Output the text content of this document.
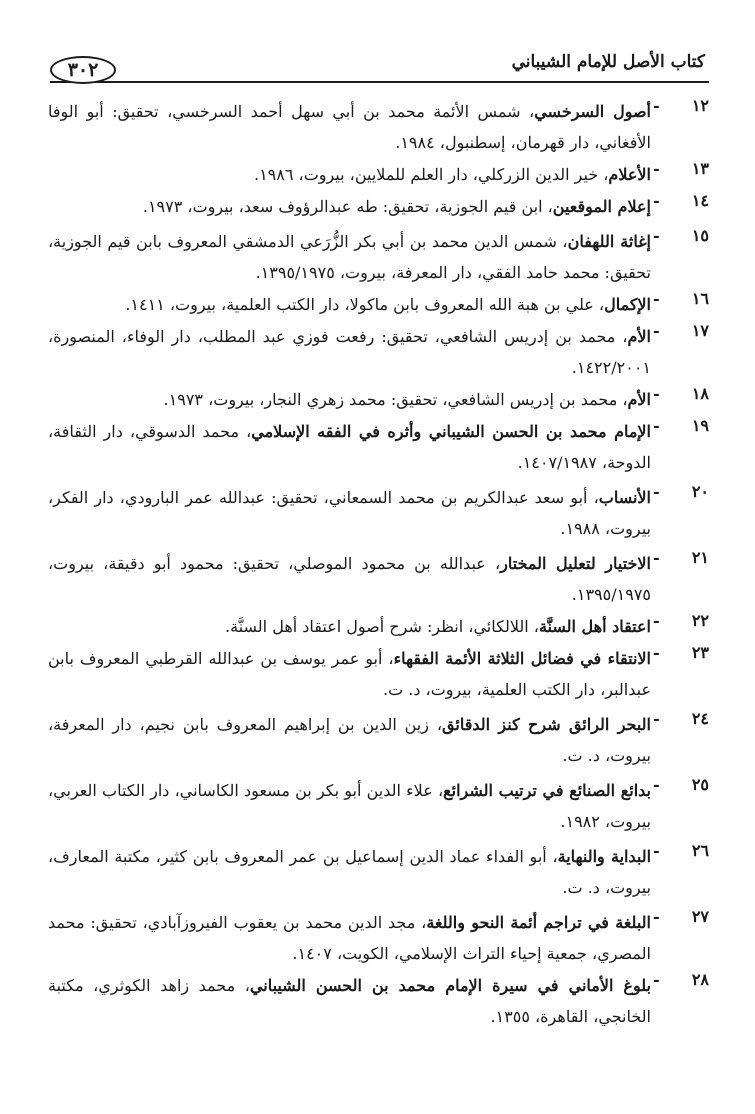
كتاب الأصل للإمام الشيباني
٣٠٢
١٢
-
أصول السرخسي، شمس الأئمة محمد بن أبي سهل أحمد السرخسي، تحقيق: أبو الوفا الأفغاني، دار قهرمان، إسطنبول، ١٩٨٤.
١٣
-
الأعلام، خير الدين الزركلي، دار العلم للملايين، بيروت، ١٩٨٦.
١٤
-
إعلام الموقعين، ابن قيم الجوزية، تحقيق: طه عبدالرؤوف سعد، بيروت، ١٩٧٣.
١٥
-
إغاثة اللهفان، شمس الدين محمد بن أبي بكر الزُّرَعي الدمشقي المعروف بابن قيم الجوزية، تحقيق: محمد حامد الفقي، دار المعرفة، بيروت، ١٣٩٥/١٩٧٥.
١٦
-
الإكمال، علي بن هبة الله المعروف بابن ماكولا، دار الكتب العلمية، بيروت، ١٤١١.
١٧
-
الأم، محمد بن إدريس الشافعي، تحقيق: رفعت فوزي عبد المطلب، دار الوفاء، المنصورة، ١٤٢٢/٢٠٠١.
١٨
-
الأم، محمد بن إدريس الشافعي، تحقيق: محمد زهري النجار، بيروت، ١٩٧٣.
١٩
-
الإمام محمد بن الحسن الشيباني وأثره في الفقه الإسلامي، محمد الدسوقي، دار الثقافة، الدوحة، ١٤٠٧/١٩٨٧.
٢٠
-
الأنساب، أبو سعد عبدالكريم بن محمد السمعاني، تحقيق: عبدالله عمر البارودي، دار الفكر، بيروت، ١٩٨٨.
٢١
-
الاختيار لتعليل المختار، عبدالله بن محمود الموصلي، تحقيق: محمود أبو دقيقة، بيروت، ١٣٩٥/١٩٧٥.
٢٢
-
اعتقاد أهل السنَّة، اللالكائي، انظر: شرح أصول اعتقاد أهل السنَّة.
٢٣
-
الانتقاء في فضائل الثلاثة الأئمة الفقهاء، أبو عمر يوسف بن عبدالله القرطبي المعروف بابن عبدالبر، دار الكتب العلمية، بيروت، د. ت.
٢٤
-
البحر الرائق شرح كنز الدقائق، زين الدين بن إبراهيم المعروف بابن نجيم، دار المعرفة، بيروت، د. ت.
٢٥
-
بدائع الصنائع في ترتيب الشرائع، علاء الدين أبو بكر بن مسعود الكاساني، دار الكتاب العربي، بيروت، ١٩٨٢.
٢٦
-
البداية والنهاية، أبو الفداء عماد الدين إسماعيل بن عمر المعروف بابن كثير، مكتبة المعارف، بيروت، د. ت.
٢٧
-
البلغة في تراجم أئمة النحو واللغة، مجد الدين محمد بن يعقوب الفيروزآبادي، تحقيق: محمد المصري، جمعية إحياء التراث الإسلامي، الكويت، ١٤٠٧.
٢٨
-
بلوغ الأماني في سيرة الإمام محمد بن الحسن الشيباني، محمد زاهد الكوثري، مكتبة الخانجي، القاهرة، ١٣٥٥.
